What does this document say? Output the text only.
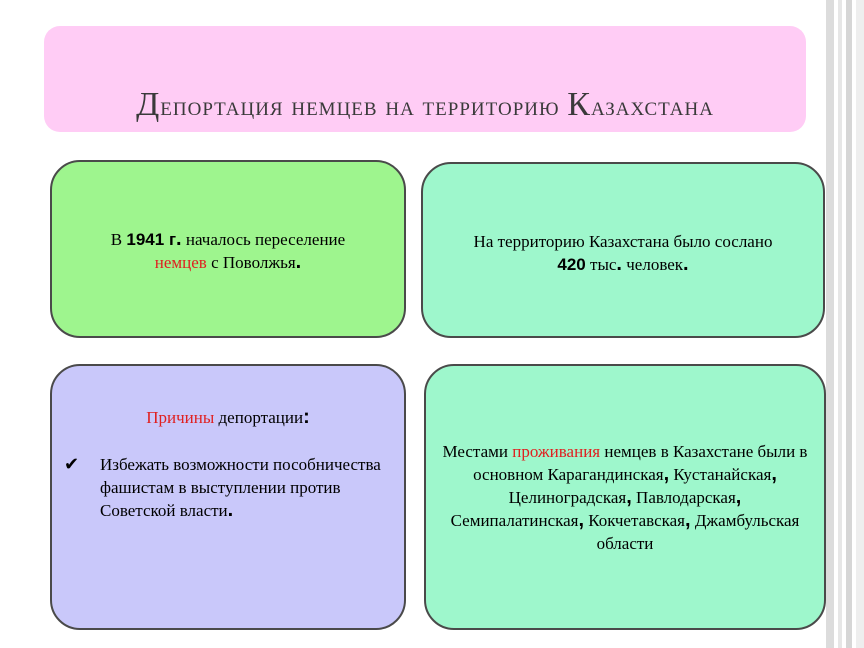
Депортация немцев на территорию Казахстана
В 1941 г. началось переселение
немцев с Поволжья.
На территорию Казахстана было сослано
420 тыс. человек.
Причины депортации:
✔ Избежать возможности пособничества фашистам в выступлении против Советской власти.
Местами проживания немцев в Казахстане были в основном Карагандинская, Кустанайская, Целиноградская, Павлодарская, Семипалатинская, Кокчетавская, Джамбульская области
